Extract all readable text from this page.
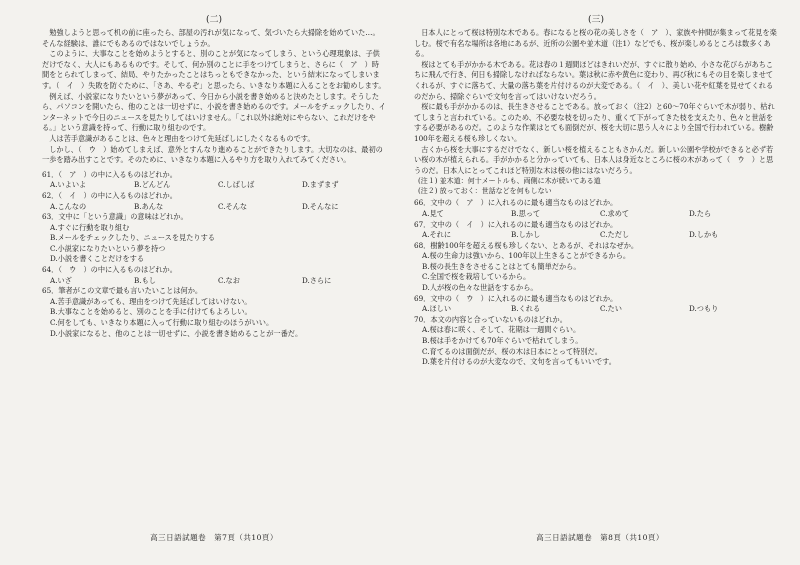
(二)

勉強しようと思って机の前に座ったら、部屋の汚れが気になって、気づいたら大掃除を始めていた…。そんな経験は、誰にでもあるのではないでしょうか。

このように、大事なことを始めようとすると、別のことが気になってしまう、という心理現象は、子供だけでなく、大人にもあるものです。そして、何か別のことに手をつけてしまうと、さらに（　ア　）時間をとられてしまって、結局、やりたかったことはちっともできなかった、という結末になってしまいます。（　イ　）失敗を防ぐために、「さあ、やるぞ」と思ったら、いきなり本題に入ることをお勧めします。

例えば、小説家になりたいという夢があって、今日から小説を書き始めると決めたとします。そうしたら、パソコンを開いたら、他のことは一切せずに、小説を書き始めるのです。メールをチェックしたり、インターネットで今日のニュースを見たりしてはいけません。「これ以外は絶対にやらない、これだけをやる。」という意識を持って、行動に取り組むのです。

人は苦手意識があることは、色々と理由をつけて先延ばしにしたくなるものです。

しかし、（　ウ　）始めてしまえば、意外とすんなり進めることができたりします。大切なのは、最初の一歩を踏み出すことです。そのために、いきなり本題に入るやり方を取り入れてみてください。

61．（　ア　）の中に入るものはどれか。
A.いよいよ	B.どんどん	C.しばしば	D.まずまず
62．（　イ　）の中に入るものはどれか。
A.こんなの	B.あんな	C.そんな	D.そんなに
63．文中に「という意識」の意味はどれか。
A.すぐに行動を取り組む
B.メールをチェックしたり、ニュースを見たりする
C.小説家になりたいという夢を持つ
D.小説を書くことだけをする
64．（　ウ　）の中に入るものはどれか。
A.いざ	B.もし	C.なお	D.さらに
65．筆者がこの文章で最も言いたいことは何か。
A.苦手意識があっても、理由をつけて先延ばしてはいけない。
B.大事なことを始めると、別のことを手に付けてもよろしい。
C.何をしても、いきなり本題に入って行動に取り組むのほうがいい。
D.小説家になると、他のことは一切せずに、小説を書き始めることが一番だ。
高三日語試題卷　第7頁（共10頁）
(三)

日本人にとって桜は特別な木である。春になると桜の花の美しさを（　ア　）、家族や仲間が集まって花見を楽しむ。桜で有名な場所は各地にあるが、近所の公園や並木道（注1）などでも、桜が楽しめるところは数多くある。

桜はとても手がかかる木である。花は春の１週間ほどはきれいだが、すぐに散り始め、小さな花びらがあちこちに飛んで行き、何日も掃除しなければならない。葉は秋に赤や黄色に変わり、再び秋にもその目を楽しませてくれるが、すぐに落ちて、大量の落ち葉を片付けるのが大変である。（　イ　）、美しい花や紅葉を見せてくれるのだから、掃除ぐらいで文句を言ってはいけないだろう。

桜に最も手がかかるのは、長生きさせることである。放っておく（注2）と60〜70年ぐらいで木が弱り、枯れてしまうと言われている。このため、不必要な枝を切ったり、重くて下がってきた枝を支えたり、色々と世話をする必要があるのだ。このような作業はとても面倒だが、桜を大切に思う人々により全国で行われている。樹齢100年を超える桜も珍しくない。

古くから桜を大事にするだけでなく、新しい桜を植えることもさかんだ。新しい公園や学校ができると必ず若い桜の木が植えられる。手がかかると分かっていても、日本人は身近なところに桜の木があって（　ウ　）と思うのだ。日本人にとってこれほど特別な木は桜の他にはないだろう。

(注１) 並木道：何十メートルも、両側に木が続いてある道
(注２) 放っておく：世話などを何もしない
66．文中の（　ア　）に入れるのに最も適当なものはどれか。
A.見て	B.思って	C.求めて	D.たら
67．文中の（　イ　）に入れるのに最も適当なものはどれか。
A.それに	B.しかし	C.ただし	D.しかも
68．樹齢100年を超える桜も珍しくない、とあるが、それはなぜか。
A.桜の生命力は強いから、100年以上生きることができるから。
B.桜の長生きをさせることはとても簡単だから。
C.全国で桜を栽培しているから。
D.人が桜の色々な世話をするから。
69．文中の（　ウ　）に入れるのに最も適当なものはどれか。
A.ほしい	B.くれる	C.たい	D.つもり
70．本文の内容と合っていないものはどれか。
A.桜は春に咲く、そして、花期は一週間ぐらい。
B.桜は手をかけても70年ぐらいで枯れてしまう。
C.育てるのは面倒だが、桜の木は日本にとって特別だ。
D.葉を片付けるのが大変なので、文句を言ってもいいです。
高三日語試題卷　第8頁（共10頁）
